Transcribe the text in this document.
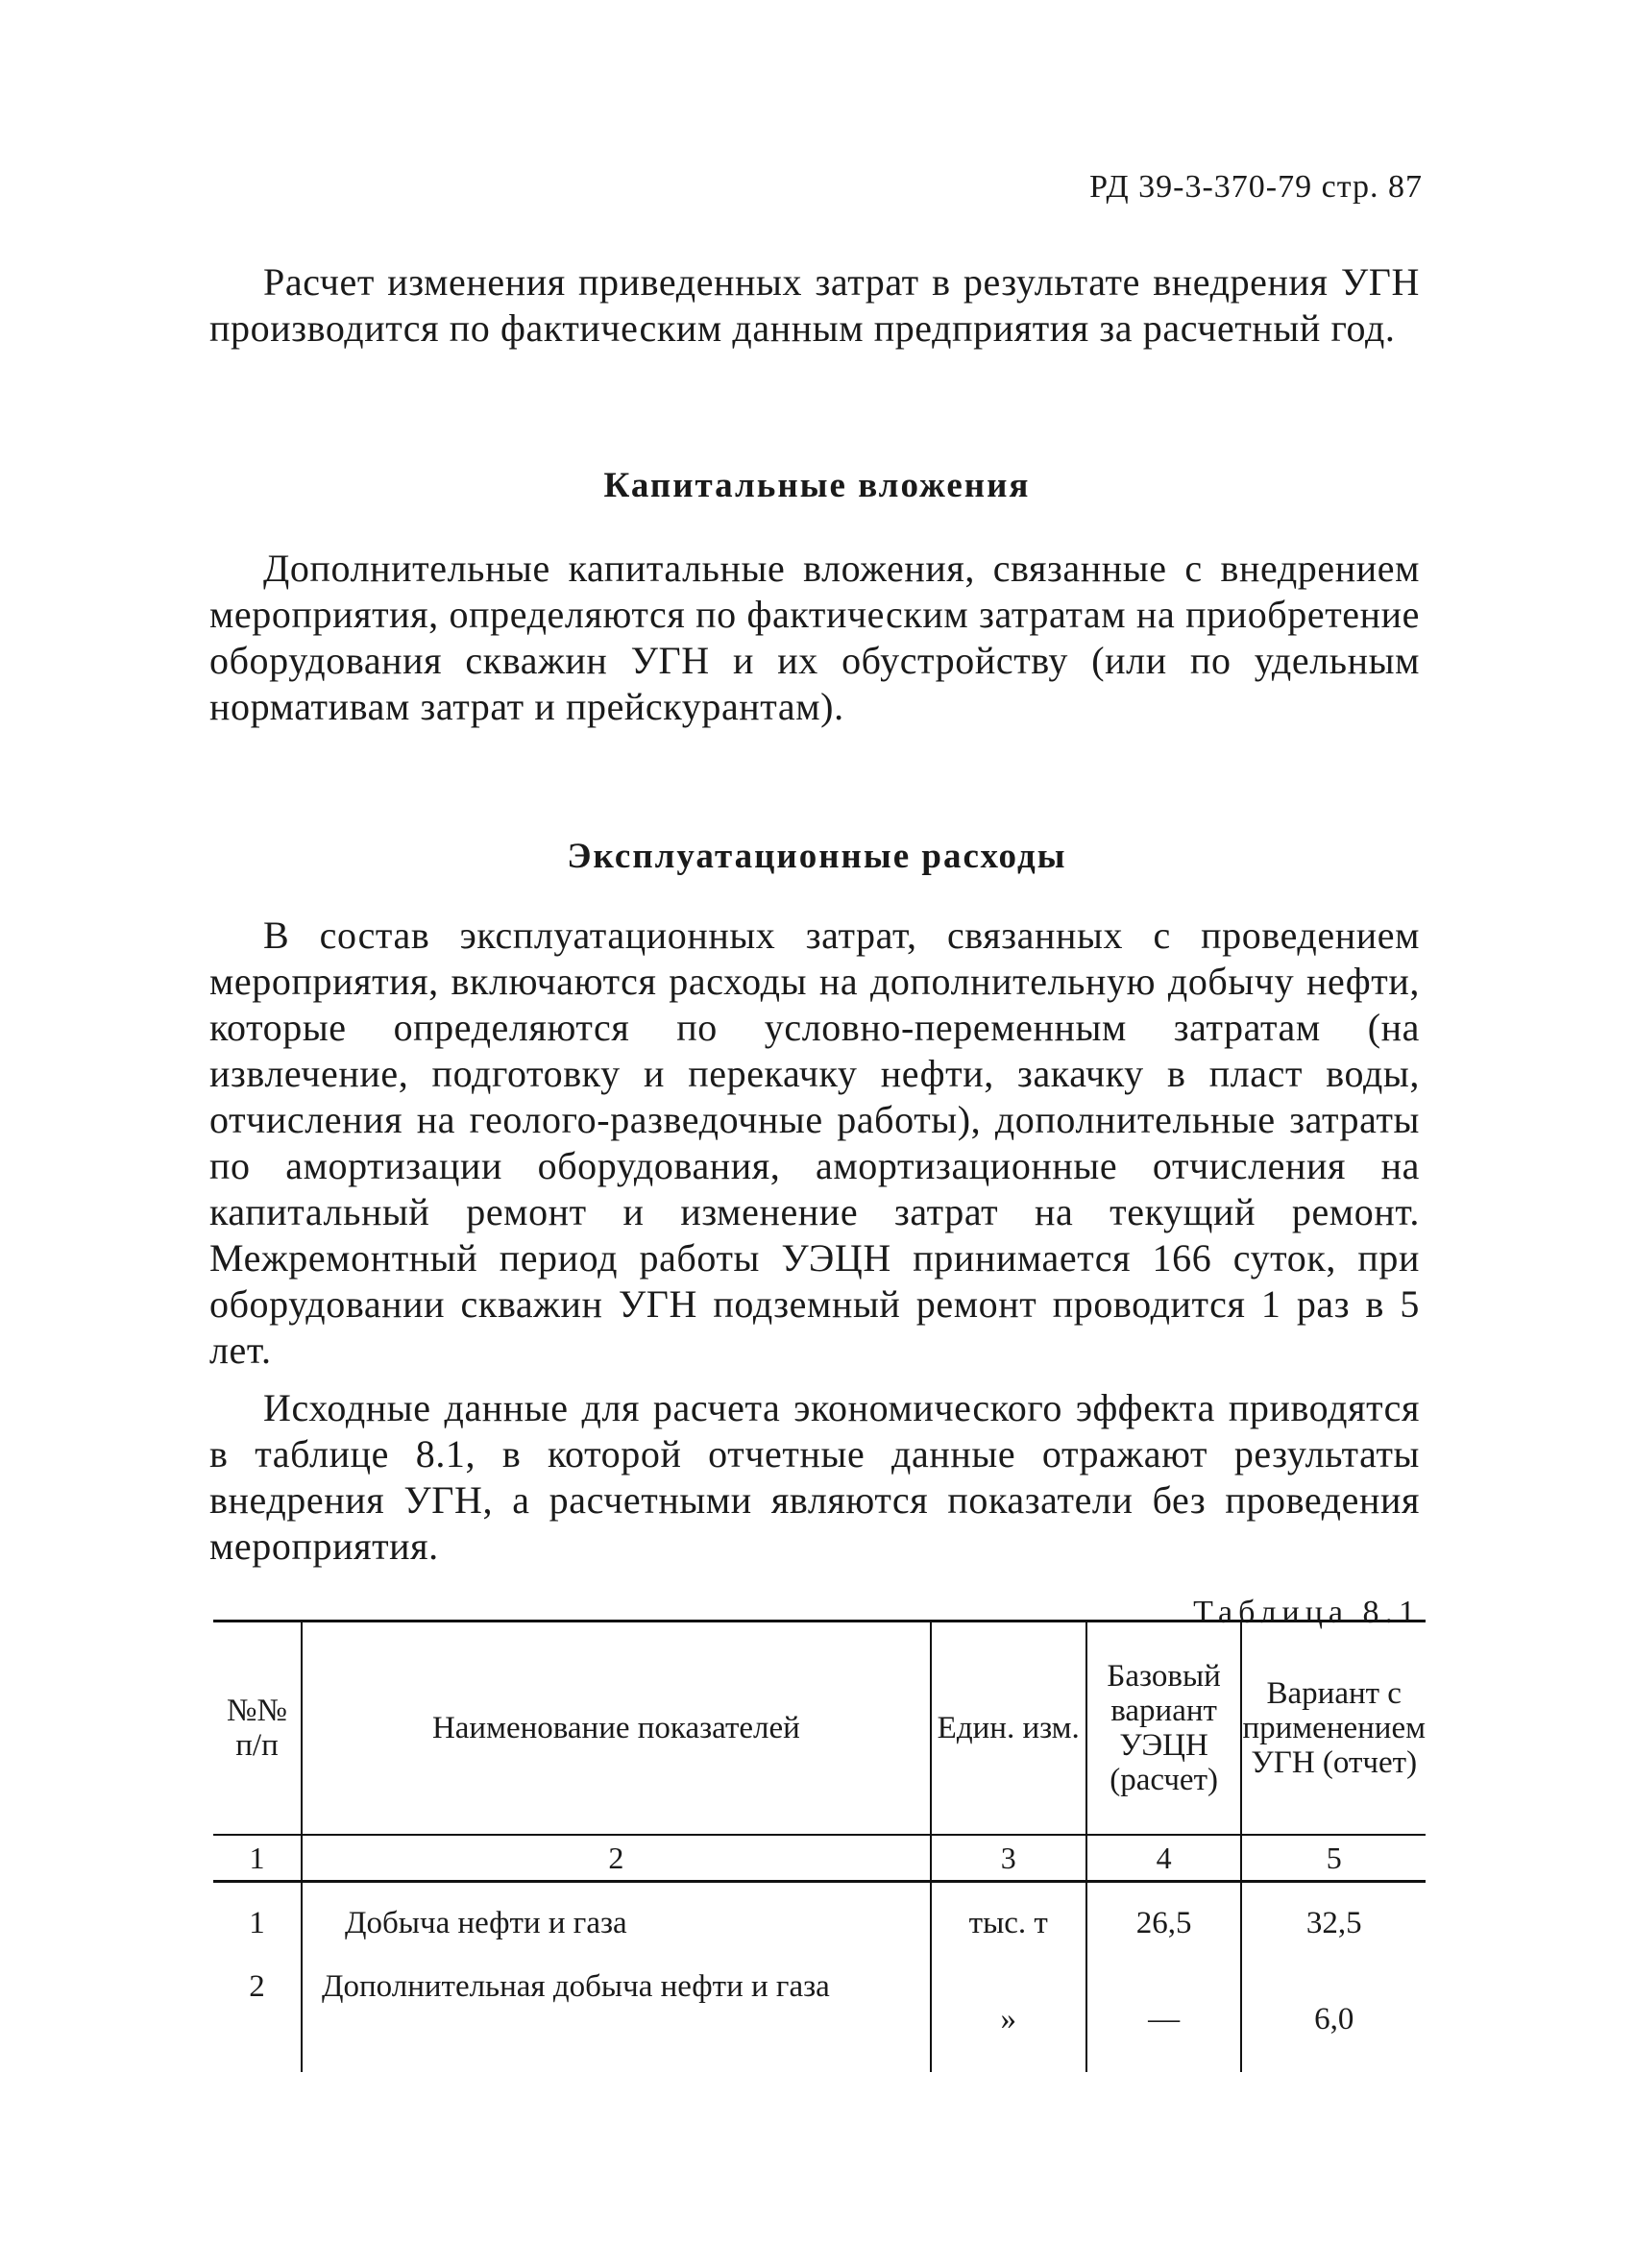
РД 39-3-370-79 стр. 87

Расчет изменения приведенных затрат в результате внедрения УГН производится по фактическим данным предприятия за расчетный год.

Капитальные вложения

Дополнительные капитальные вложения, связанные с внедрением мероприятия, определяются по фактическим затратам на приобретение оборудования скважин УГН и их обустройству (или по удельным нормативам затрат и прейскурантам).

Эксплуатационные расходы

В состав эксплуатационных затрат, связанных с проведением мероприятия, включаются расходы на дополнительную добычу нефти, которые определяются по условно-переменным затратам (на извлечение, подготовку и перекачку нефти, закачку в пласт воды, отчисления на геолого-разведочные работы), дополнительные затраты по амортизации оборудования, амортизационные отчисления на капитальный ремонт и изменение затрат на текущий ремонт. Межремонтный период работы УЭЦН принимается 166 суток, при оборудовании скважин УГН подземный ремонт проводится 1 раз в 5 лет.

Исходные данные для расчета экономического эффекта приводятся в таблице 8.1, в которой отчетные данные отражают результаты внедрения УГН, а расчетными являются показатели без проведения мероприятия.

Таблица 8.1
№№ п/п	Наименование показателей	Един. изм.	Базовый вариант УЭЦН (расчет)	Вариант с применением УГН (отчет)
1	2	3	4	5
1	Добыча нефти и газа	тыс. т	26,5	32,5
2	Дополнительная добыча нефти и газа	»	—	6,0
